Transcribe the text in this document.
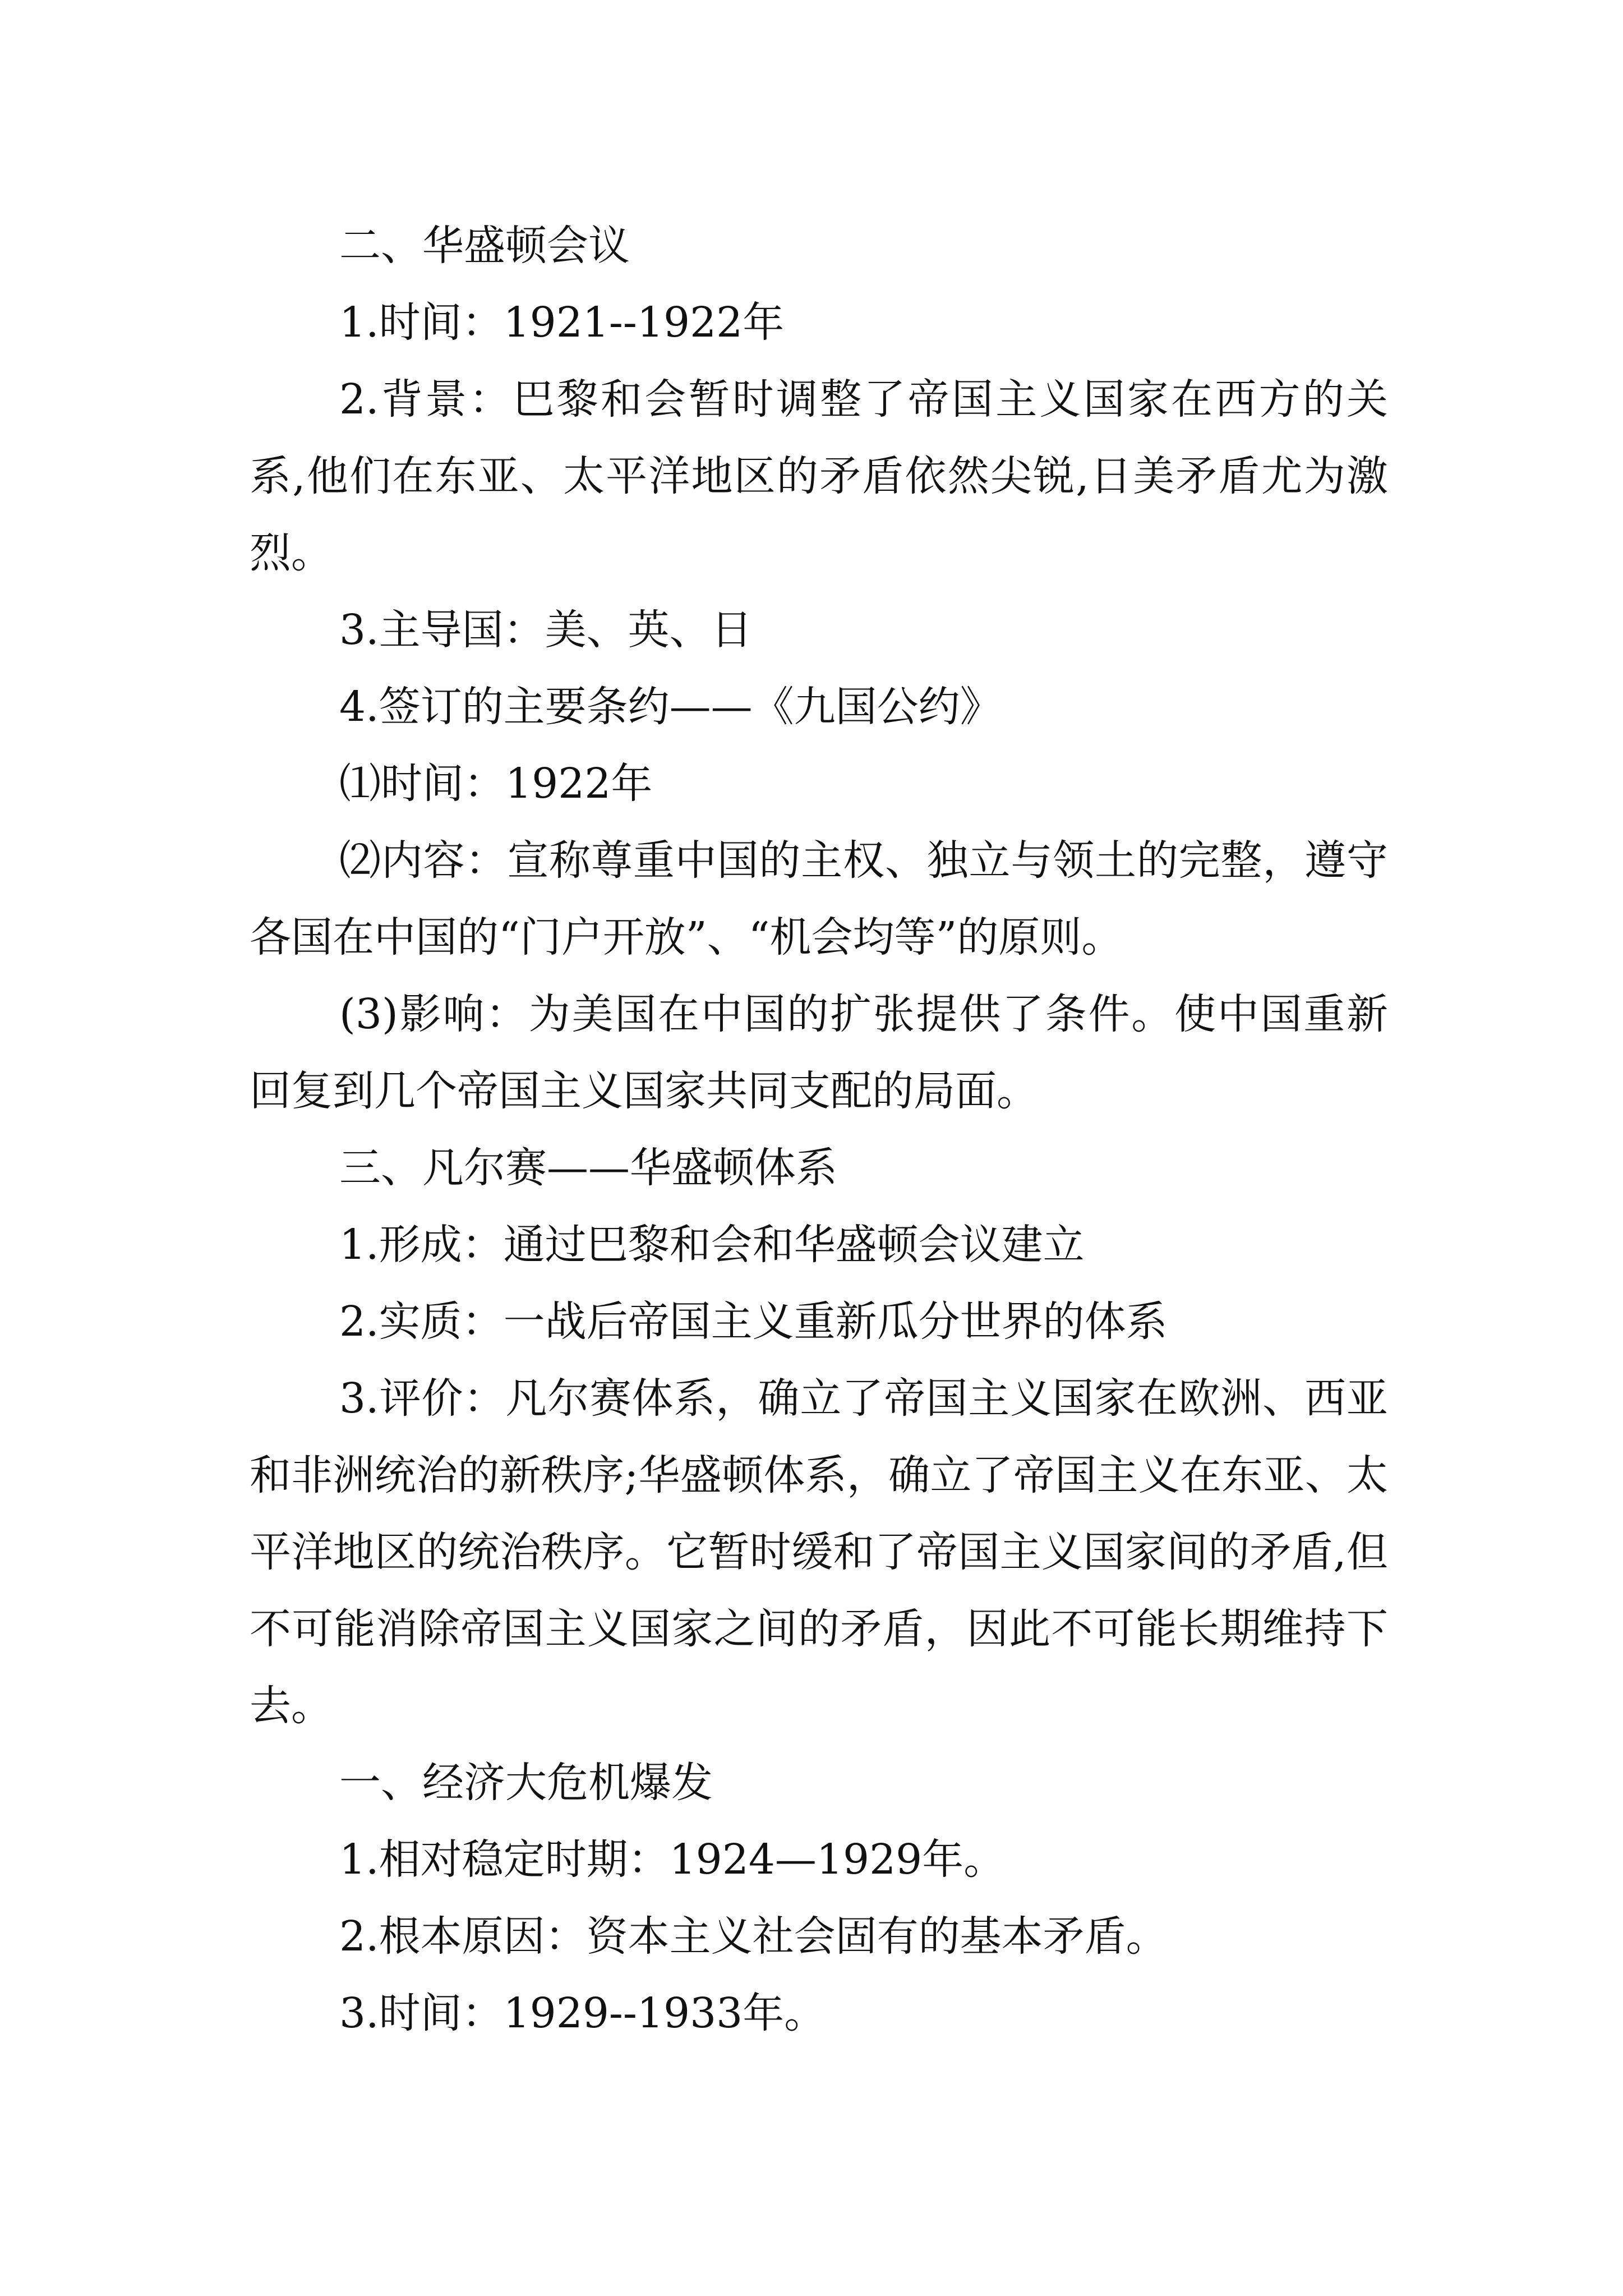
二、华盛顿会议

1.时间：1921--1922年

2.背景：巴黎和会暂时调整了帝国主义国家在西方的关系,他们在东亚、太平洋地区的矛盾依然尖锐,日美矛盾尤为激烈。

3.主导国：美、英、日

4.签订的主要条约——《九国公约》

⑴时间：1922年

⑵内容：宣称尊重中国的主权、独立与领土的完整，遵守各国在中国的“门户开放”、“机会均等”的原则。

(3)影响：为美国在中国的扩张提供了条件。使中国重新回复到几个帝国主义国家共同支配的局面。

三、凡尔赛——华盛顿体系

1.形成：通过巴黎和会和华盛顿会议建立

2.实质：一战后帝国主义重新瓜分世界的体系

3.评价：凡尔赛体系，确立了帝国主义国家在欧洲、西亚和非洲统治的新秩序;华盛顿体系，确立了帝国主义在东亚、太平洋地区的统治秩序。它暂时缓和了帝国主义国家间的矛盾,但不可能消除帝国主义国家之间的矛盾，因此不可能长期维持下去。

一、经济大危机爆发

1.相对稳定时期：1924—1929年。

2.根本原因：资本主义社会固有的基本矛盾。

3.时间：1929--1933年。
